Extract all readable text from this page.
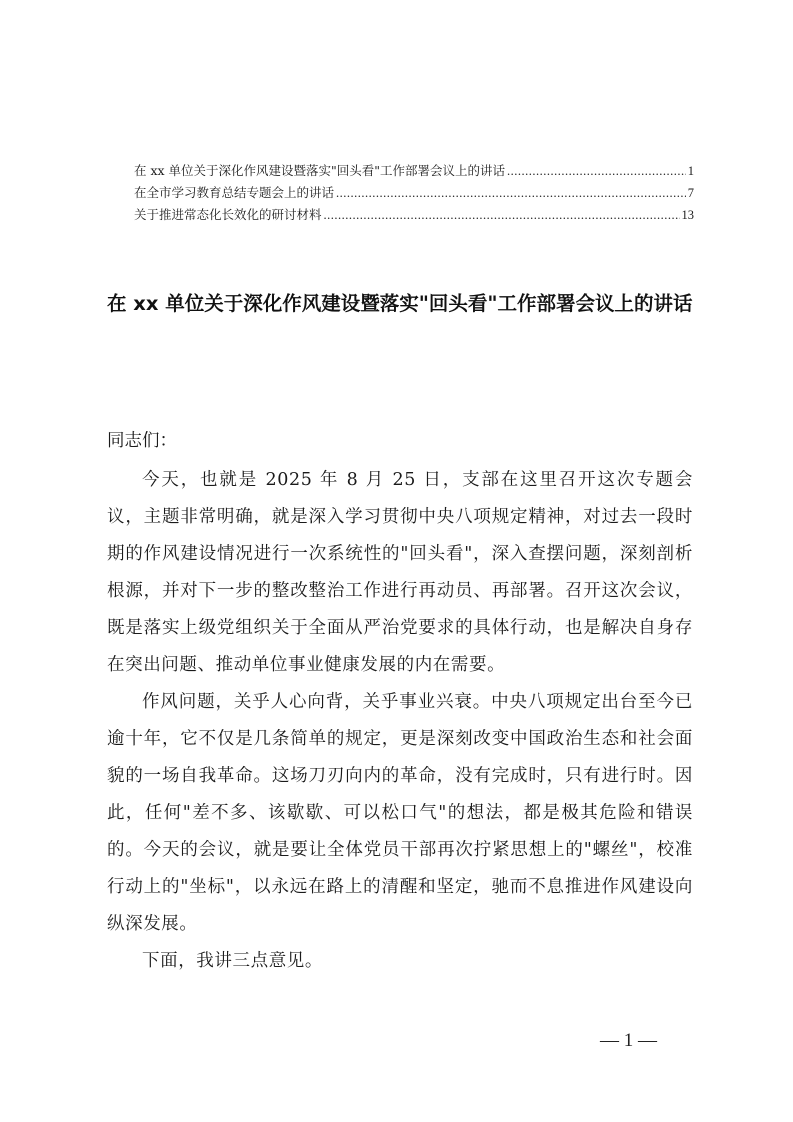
在 xx 单位关于深化作风建设暨落实"回头看"工作部署会议上的讲话 .....	1
在全市学习教育总结专题会上的讲话 .....	7
关于推进常态化长效化的研讨材料 .....	13
在 xx 单位关于深化作风建设暨落实"回头看"工作部署会议上的讲话

同志们：

今天，也就是 2025 年 8 月 25 日，支部在这里召开这次专题会议，主题非常明确，就是深入学习贯彻中央八项规定精神，对过去一段时期的作风建设情况进行一次系统性的"回头看"，深入查摆问题，深刻剖析根源，并对下一步的整改整治工作进行再动员、再部署。召开这次会议，既是落实上级党组织关于全面从严治党要求的具体行动，也是解决自身存在突出问题、推动单位事业健康发展的内在需要。

作风问题，关乎人心向背，关乎事业兴衰。中央八项规定出台至今已逾十年，它不仅是几条简单的规定，更是深刻改变中国政治生态和社会面貌的一场自我革命。这场刀刃向内的革命，没有完成时，只有进行时。因此，任何"差不多、该歇歇、可以松口气"的想法，都是极其危险和错误的。今天的会议，就是要让全体党员干部再次拧紧思想上的"螺丝"，校准行动上的"坐标"，以永远在路上的清醒和坚定，驰而不息推进作风建设向纵深发展。

下面，我讲三点意见。

— 1 —
